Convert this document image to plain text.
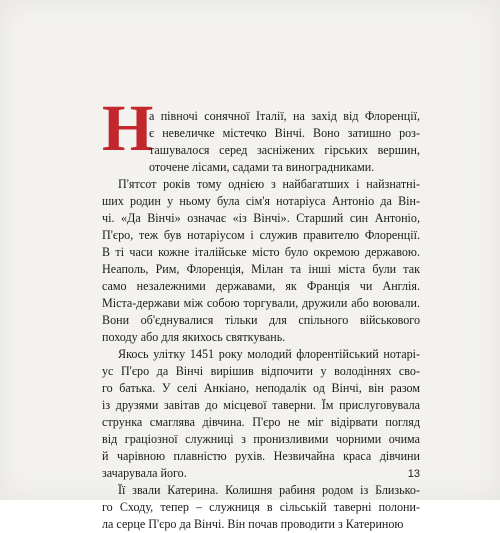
Н
а півночі сонячної Італії, на захід від Флоренції,
є невеличке містечко Вінчі. Воно затишно роз-
ташувалося серед засніжених гірських вершин,
оточене лісами, садами та виноградниками.
П'ятсот років тому однією з найбагатших і найзнатні-
ших родин у ньому була сім'я нотаріуса Антоніо да Він-
чі. «Да Вінчі» означає «із Вінчі». Старший син Антоніо,
П'єро, теж був нотаріусом і служив правителю Флоренції.
В ті часи кожне італійське місто було окремою державою.
Неаполь, Рим, Флоренція, Мілан та інші міста були так
само незалежними державами, як Франція чи Англія.
Міста-держави між собою торгували, дружили або воювали.
Вони об'єднувалися тільки для спільного військового
походу або для якихось святкувань.
Якось улітку 1451 року молодий флорентійський нотарі-
ус П'єро да Вінчі вирішив відпочити у володіннях сво-
го батька. У селі Анкіано, неподалік од Вінчі, він разом
із друзями завітав до місцевої таверни. Їм прислуговувала
струнка смаглява дівчина. П'єро не міг відірвати погляд
від граціозної служниці з пронизливими чорними очима
й чарівною плавністю рухів. Незвичайна краса дівчини
зачарувала його.
Її звали Катерина. Колишня рабиня родом із Близько-
го Сходу, тепер – служниця в сільській таверні полони-
ла серце П'єро да Вінчі. Він почав проводити з Катериною
13
